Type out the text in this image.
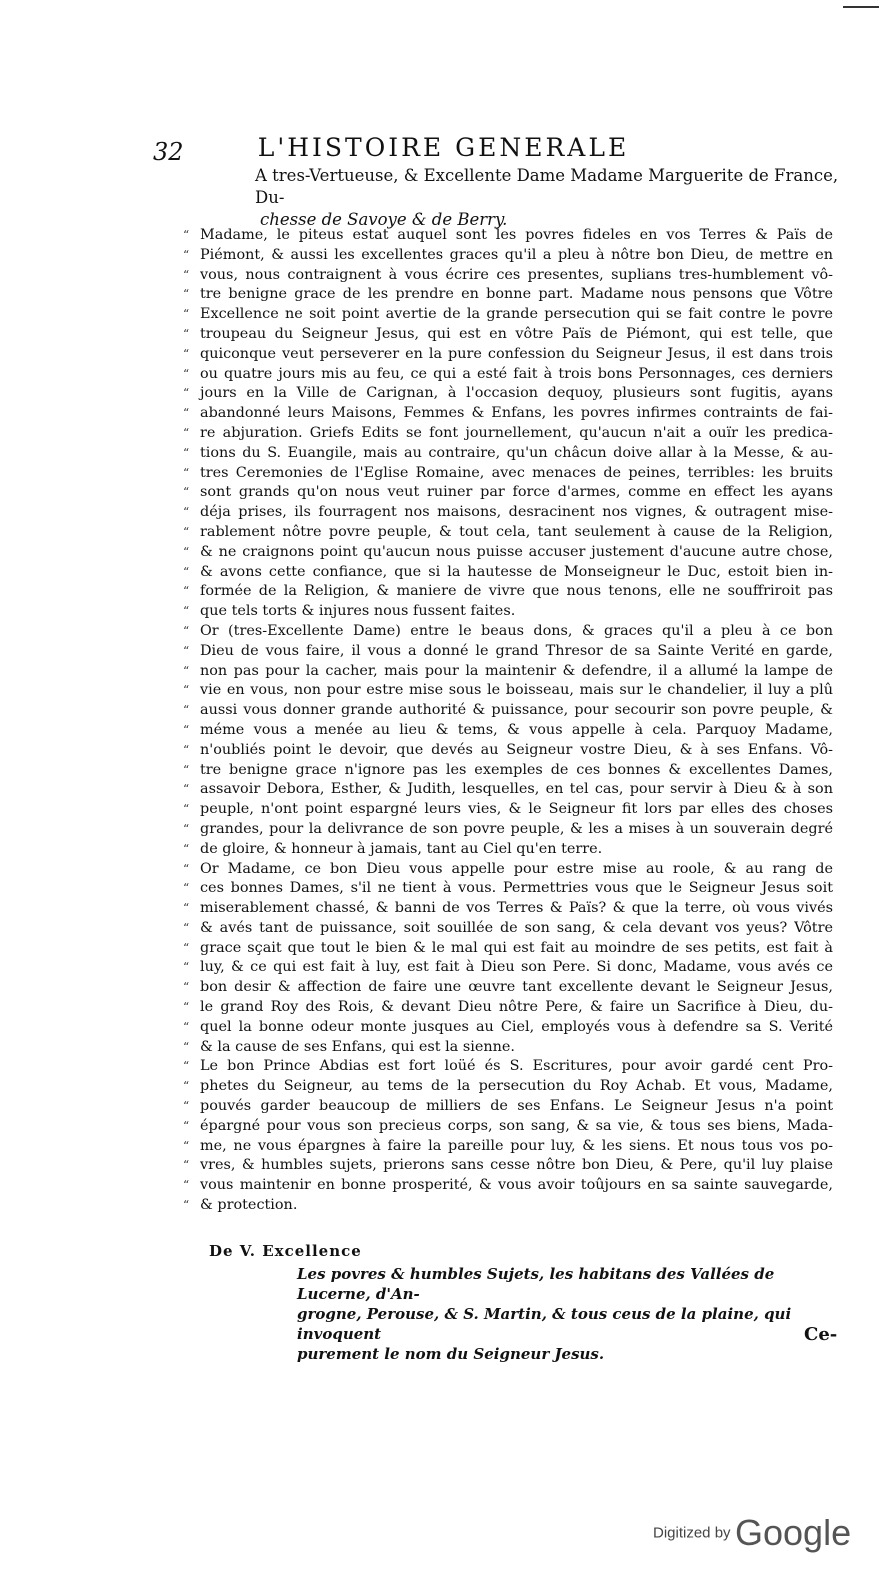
32	L'HISTOIRE GENERALE
A tres-Vertueuse, & Excellente Dame Madame Marguerite de France, Du-
chesse de Savoye & de Berry.
“ Madame, le piteus estat auquel sont les povres fideles en vos Terres & Païs de
“ Piémont, & aussi les excellentes graces qu'il a pleu à nôtre bon Dieu, de mettre en
“ vous, nous contraignent à vous écrire ces presentes, suplians tres-humblement vô-
“ tre benigne grace de les prendre en bonne part. Madame nous pensons que Vôtre
“ Excellence ne soit point avertie de la grande persecution qui se fait contre le povre
“ troupeau du Seigneur Jesus, qui est en vôtre Païs de Piémont, qui est telle, que
“ quiconque veut perseverer en la pure confession du Seigneur Jesus, il est dans trois
“ ou quatre jours mis au feu, ce qui a esté fait à trois bons Personnages, ces derniers
“ jours en la Ville de Carignan, à l'occasion dequoy, plusieurs sont fugitis, ayans
“ abandonné leurs Maisons, Femmes & Enfans, les povres infirmes contraints de fai-
“ re abjuration. Griefs Edits se font journellement, qu'aucun n'ait a ouïr les predica-
“ tions du S. Euangile, mais au contraire, qu'un châcun doive allar à la Messe, & au-
“ tres Ceremonies de l'Eglise Romaine, avec menaces de peines, terribles: les bruits
“ sont grands qu'on nous veut ruiner par force d'armes, comme en effect les ayans
“ déja prises, ils fourragent nos maisons, desracinent nos vignes, & outragent mise-
“ rablement nôtre povre peuple, & tout cela, tant seulement à cause de la Religion,
“ & ne craignons point qu'aucun nous puisse accuser justement d'aucune autre chose,
“ & avons cette confiance, que si la hautesse de Monseigneur le Duc, estoit bien in-
“ formée de la Religion, & maniere de vivre que nous tenons, elle ne souffriroit pas
“ que tels torts & injures nous fussent faites.
“ Or (tres-Excellente Dame) entre le beaus dons, & graces qu'il a pleu à ce bon
“ Dieu de vous faire, il vous a donné le grand Thresor de sa Sainte Verité en garde,
“ non pas pour la cacher, mais pour la maintenir & defendre, il a allumé la lampe de
“ vie en vous, non pour estre mise sous le boisseau, mais sur le chandelier, il luy a plû
“ aussi vous donner grande authorité & puissance, pour secourir son povre peuple, &
“ méme vous a menée au lieu & tems, & vous appelle à cela. Parquoy Madame,
“ n'oubliés point le devoir, que devés au Seigneur vostre Dieu, & à ses Enfans. Vô-
“ tre benigne grace n'ignore pas les exemples de ces bonnes & excellentes Dames,
“ assavoir Debora, Esther, & Judith, lesquelles, en tel cas, pour servir à Dieu & à son
“ peuple, n'ont point espargné leurs vies, & le Seigneur fit lors par elles des choses
“ grandes, pour la delivrance de son povre peuple, & les a mises à un souverain degré
“ de gloire, & honneur à jamais, tant au Ciel qu'en terre.
“ Or Madame, ce bon Dieu vous appelle pour estre mise au roole, & au rang de
“ ces bonnes Dames, s'il ne tient à vous. Permettries vous que le Seigneur Jesus soit
“ miserablement chassé, & banni de vos Terres & Païs? & que la terre, où vous vivés
“ & avés tant de puissance, soit souillée de son sang, & cela devant vos yeus? Vôtre
“ grace sçait que tout le bien & le mal qui est fait au moindre de ses petits, est fait à
“ luy, & ce qui est fait à luy, est fait à Dieu son Pere. Si donc, Madame, vous avés ce
“ bon desir & affection de faire une œuvre tant excellente devant le Seigneur Jesus,
“ le grand Roy des Rois, & devant Dieu nôtre Pere, & faire un Sacrifice à Dieu, du-
“ quel la bonne odeur monte jusques au Ciel, employés vous à defendre sa S. Verité
“ & la cause de ses Enfans, qui est la sienne.
“ Le bon Prince Abdias est fort loüé és S. Escritures, pour avoir gardé cent Pro-
“ phetes du Seigneur, au tems de la persecution du Roy Achab. Et vous, Madame,
“ pouvés garder beaucoup de milliers de ses Enfans. Le Seigneur Jesus n'a point
“ épargné pour vous son precieus corps, son sang, & sa vie, & tous ses biens, Mada-
“ me, ne vous épargnes à faire la pareille pour luy, & les siens. Et nous tous vos po-
“ vres, & humbles sujets, prierons sans cesse nôtre bon Dieu, & Pere, qu'il luy plaise
“ vous maintenir en bonne prosperité, & vous avoir toûjours en sa sainte sauvegarde,
“ & protection.
De V. Excellence
Les povres & humbles Sujets, les habitans des Vallées de Lucerne, d'An-
grogne, Perouse, & S. Martin, & tous ceus de la plaine, qui invoquent
purement le nom du Seigneur Jesus.
Ce-
Digitized by Google
